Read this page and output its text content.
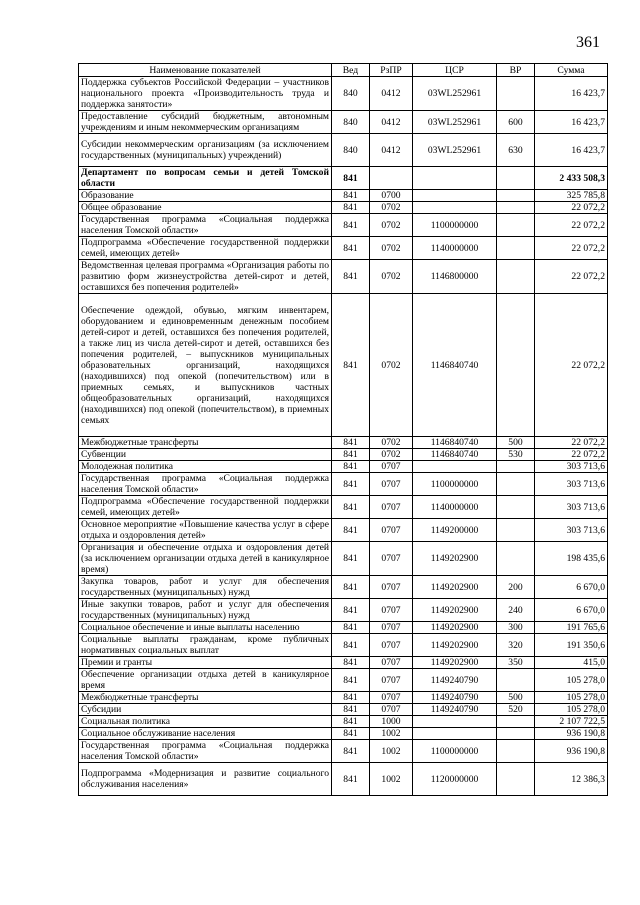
361
Наименование показателей	Вед	РзПР	ЦСР	ВР	Сумма
Поддержка субъектов Российской Федерации – участников национального проекта «Производительность труда и поддержка занятости»	840	0412	03WL252961		16 423,7
Предоставление субсидий бюджетным, автономным учреждениям и иным некоммерческим организациям	840	0412	03WL252961	600	16 423,7
Субсидии некоммерческим организациям (за исключением государственных (муниципальных) учреждений)	840	0412	03WL252961	630	16 423,7
Департамент по вопросам семьи и детей Томской области	841				2 433 508,3
Образование	841	0700			325 785,8
Общее образование	841	0702			22 072,2
Государственная программа «Социальная поддержка населения Томской области»	841	0702	1100000000		22 072,2
Подпрограмма «Обеспечение государственной поддержки семей, имеющих детей»	841	0702	1140000000		22 072,2
Ведомственная целевая программа «Организация работы по развитию форм жизнеустройства детей-сирот и детей, оставшихся без попечения родителей»	841	0702	1146800000		22 072,2
Обеспечение одеждой, обувью, мягким инвентарем, оборудованием и единовременным денежным пособием детей-сирот и детей, оставшихся без попечения родителей, а также лиц из числа детей-сирот и детей, оставшихся без попечения родителей, – выпускников муниципальных образовательных организаций, находящихся (находившихся) под опекой (попечительством) или в приемных семьях, и выпускников частных общеобразовательных организаций, находящихся (находившихся) под опекой (попечительством), в приемных семьях	841	0702	1146840740		22 072,2
Межбюджетные трансферты	841	0702	1146840740	500	22 072,2
Субвенции	841	0702	1146840740	530	22 072,2
Молодежная политика	841	0707			303 713,6
Государственная программа «Социальная поддержка населения Томской области»	841	0707	1100000000		303 713,6
Подпрограмма «Обеспечение государственной поддержки семей, имеющих детей»	841	0707	1140000000		303 713,6
Основное мероприятие «Повышение качества услуг в сфере отдыха и оздоровления детей»	841	0707	1149200000		303 713,6
Организация и обеспечение отдыха и оздоровления детей (за исключением организации отдыха детей в каникулярное время)	841	0707	1149202900		198 435,6
Закупка товаров, работ и услуг для обеспечения государственных (муниципальных) нужд	841	0707	1149202900	200	6 670,0
Иные закупки товаров, работ и услуг для обеспечения государственных (муниципальных) нужд	841	0707	1149202900	240	6 670,0
Социальное обеспечение и иные выплаты населению	841	0707	1149202900	300	191 765,6
Социальные выплаты гражданам, кроме публичных нормативных социальных выплат	841	0707	1149202900	320	191 350,6
Премии и гранты	841	0707	1149202900	350	415,0
Обеспечение организации отдыха детей в каникулярное время	841	0707	1149240790		105 278,0
Межбюджетные трансферты	841	0707	1149240790	500	105 278,0
Субсидии	841	0707	1149240790	520	105 278,0
Социальная политика	841	1000			2 107 722,5
Социальное обслуживание населения	841	1002			936 190,8
Государственная программа «Социальная поддержка населения Томской области»	841	1002	1100000000		936 190,8
Подпрограмма «Модернизация и развитие социального обслуживания населения»	841	1002	1120000000		12 386,3
